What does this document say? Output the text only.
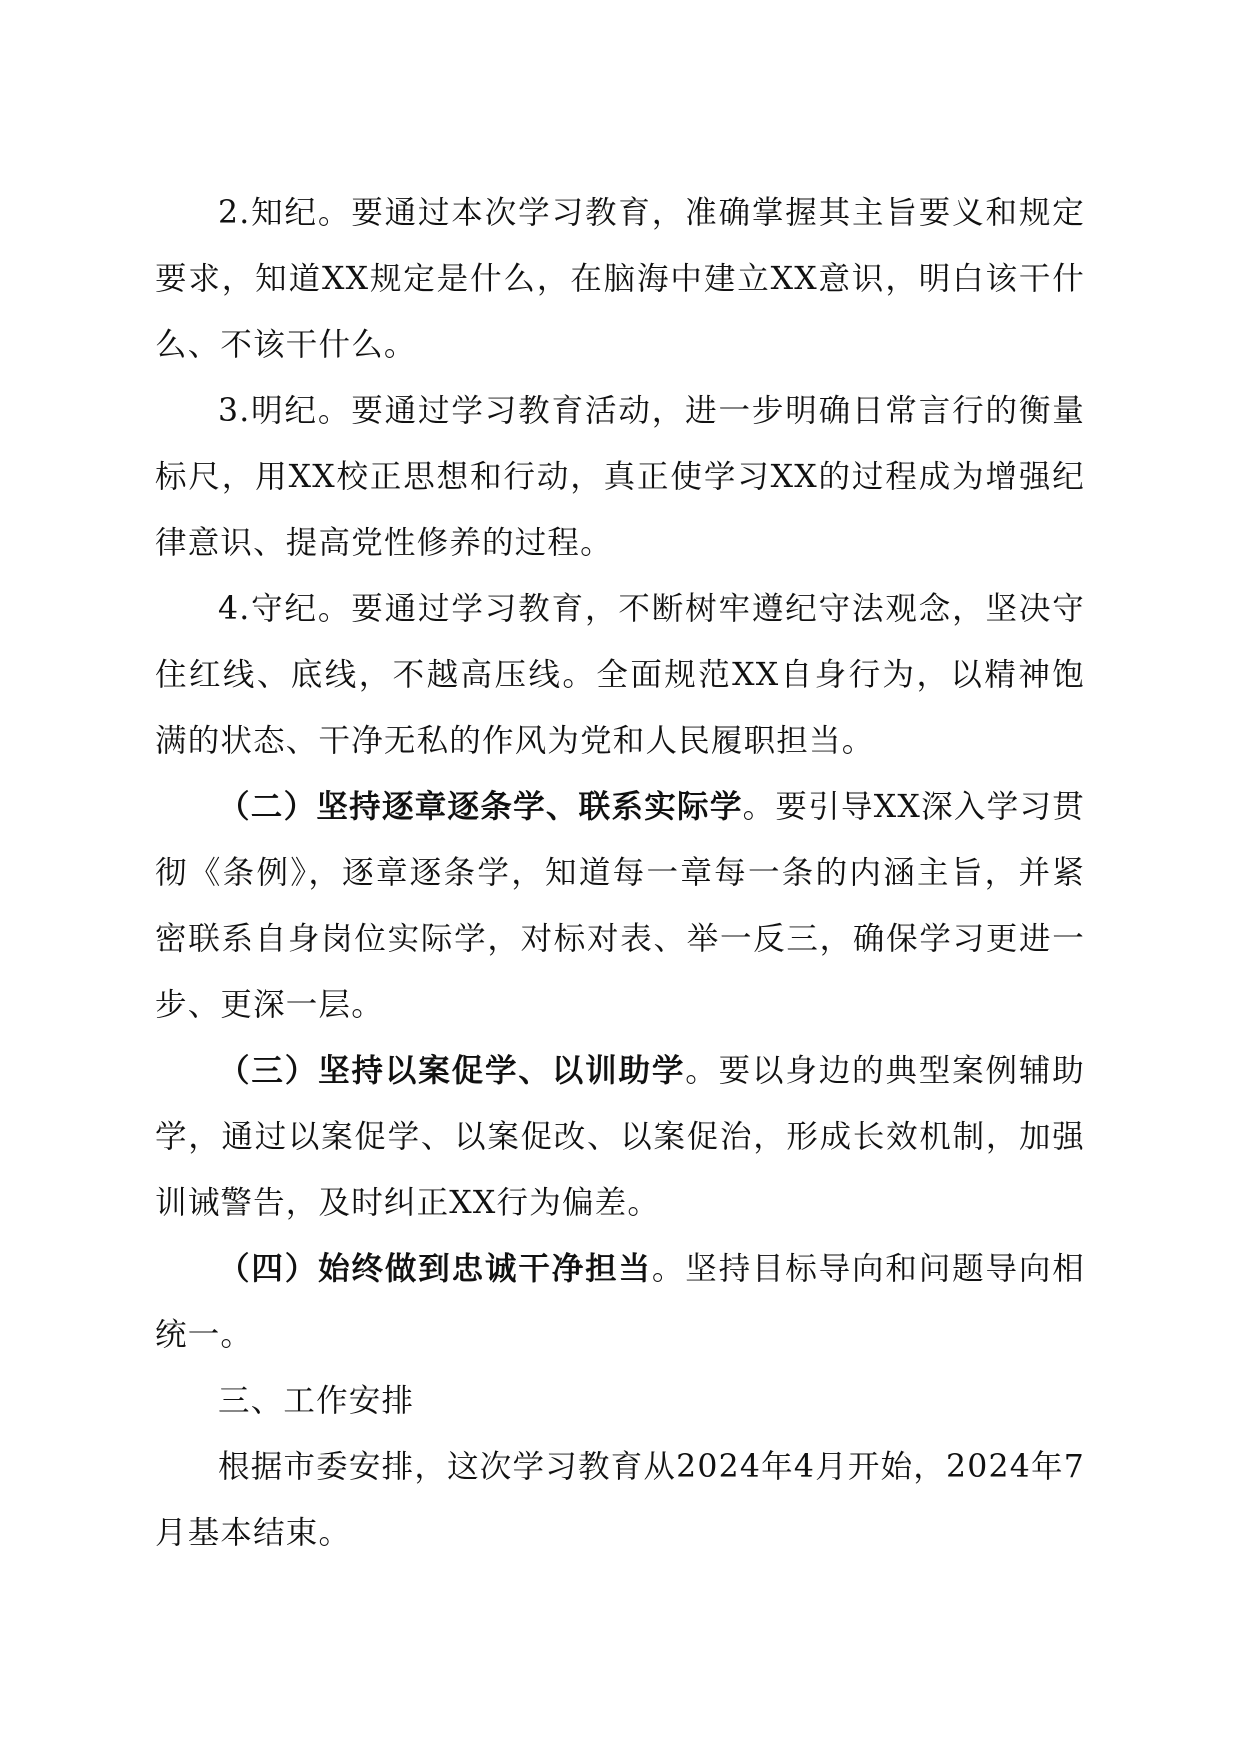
2.知纪。要通过本次学习教育，准确掌握其主旨要义和规定要求，知道XX规定是什么，在脑海中建立XX意识，明白该干什么、不该干什么。

3.明纪。要通过学习教育活动，进一步明确日常言行的衡量标尺，用XX校正思想和行动，真正使学习XX的过程成为增强纪律意识、提高党性修养的过程。

4.守纪。要通过学习教育，不断树牢遵纪守法观念，坚决守住红线、底线，不越高压线。全面规范XX自身行为，以精神饱满的状态、干净无私的作风为党和人民履职担当。

（二）坚持逐章逐条学、联系实际学。要引导XX深入学习贯彻《条例》，逐章逐条学，知道每一章每一条的内涵主旨，并紧密联系自身岗位实际学，对标对表、举一反三，确保学习更进一步、更深一层。

（三）坚持以案促学、以训助学。要以身边的典型案例辅助学，通过以案促学、以案促改、以案促治，形成长效机制，加强训诫警告，及时纠正XX行为偏差。

（四）始终做到忠诚干净担当。坚持目标导向和问题导向相统一。

三、工作安排

根据市委安排，这次学习教育从2024年4月开始，2024年7月基本结束。
